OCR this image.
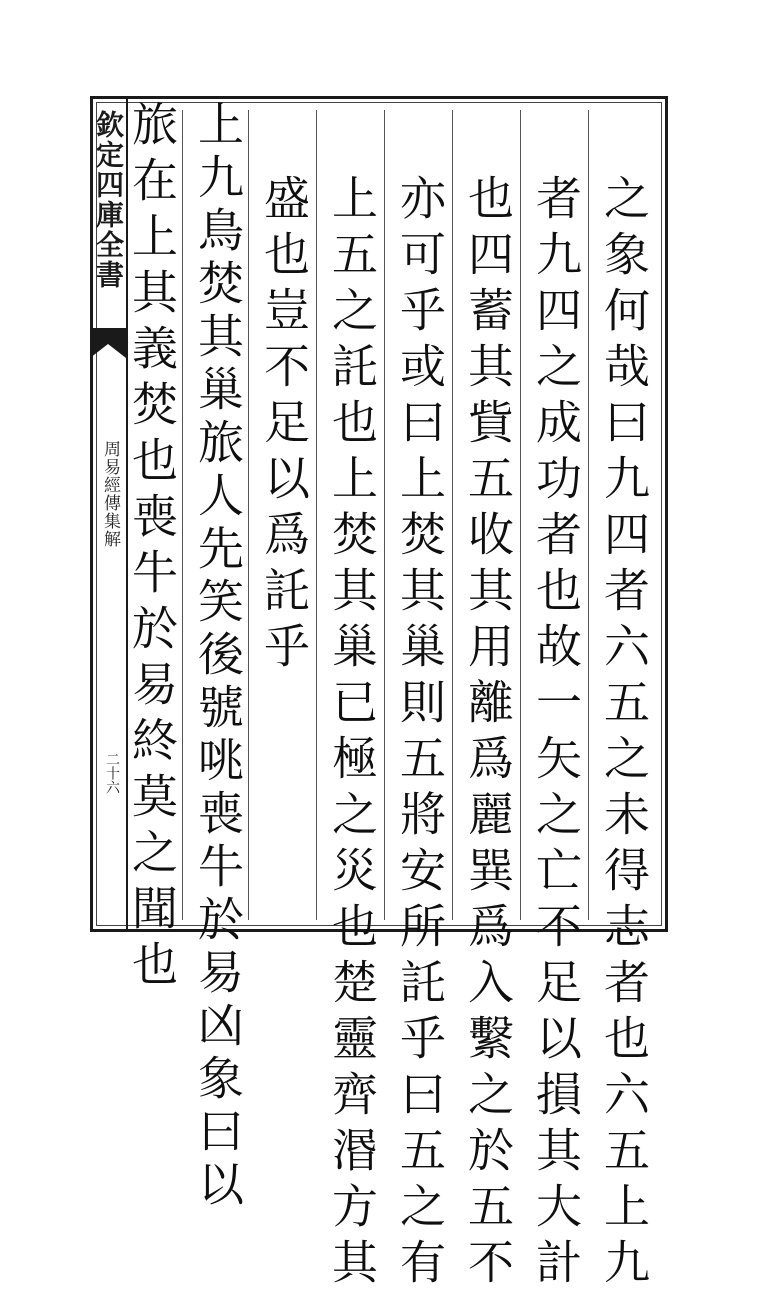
欽定四庫全書
周易經傳集解
二十六	之象何哉曰九四者六五之未得志者也六五上九
者九四之成功者也故一矢之亡不足以損其大計
也四蓄其貲五收其用離爲麗巽爲入繫之於五不
亦可乎或曰上焚其巢則五將安所託乎曰五之有
上五之託也上焚其巢已極之災也楚靈齊湣方其
盛也豈不足以爲託乎
上九鳥焚其巢旅人先笑後號咷喪牛於易凶象曰以
旅在上其義焚也喪牛於易終莫之聞也
